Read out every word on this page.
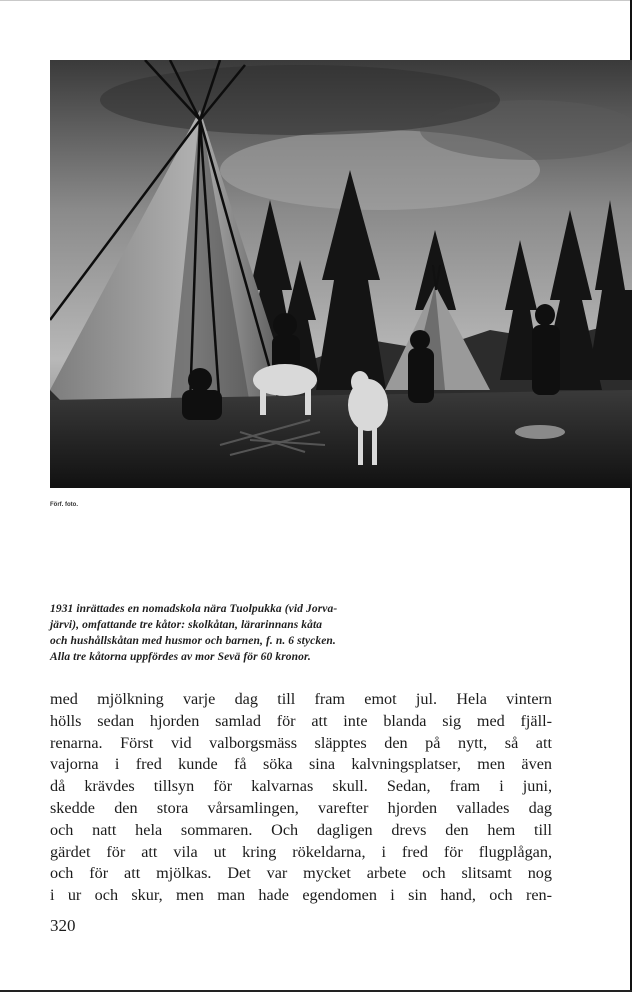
Förf. foto.
1931 inrättades en nomadskola nära Tuolpukka (vid Jorva-
järvi), omfattande tre kåtor: skolkåtan, lärarinnans kåta
och hushållskåtan med husmor och barnen, f. n. 6 stycken.
Alla tre kåtorna uppfördes av mor Sevä för 60 kronor.
med mjölkning varje dag till fram emot jul. Hela vintern
hölls sedan hjorden samlad för att inte blanda sig med fjäll-
renarna. Först vid valborgsmäss släpptes den på nytt, så att
vajorna i fred kunde få söka sina kalvningsplatser, men även
då krävdes tillsyn för kalvarnas skull. Sedan, fram i juni,
skedde den stora vårsamlingen, varefter hjorden vallades dag
och natt hela sommaren. Och dagligen drevs den hem till
gärdet för att vila ut kring rökeldarna, i fred för flugplågan,
och för att mjölkas. Det var mycket arbete och slitsamt nog
i ur och skur, men man hade egendomen i sin hand, och ren-
320
